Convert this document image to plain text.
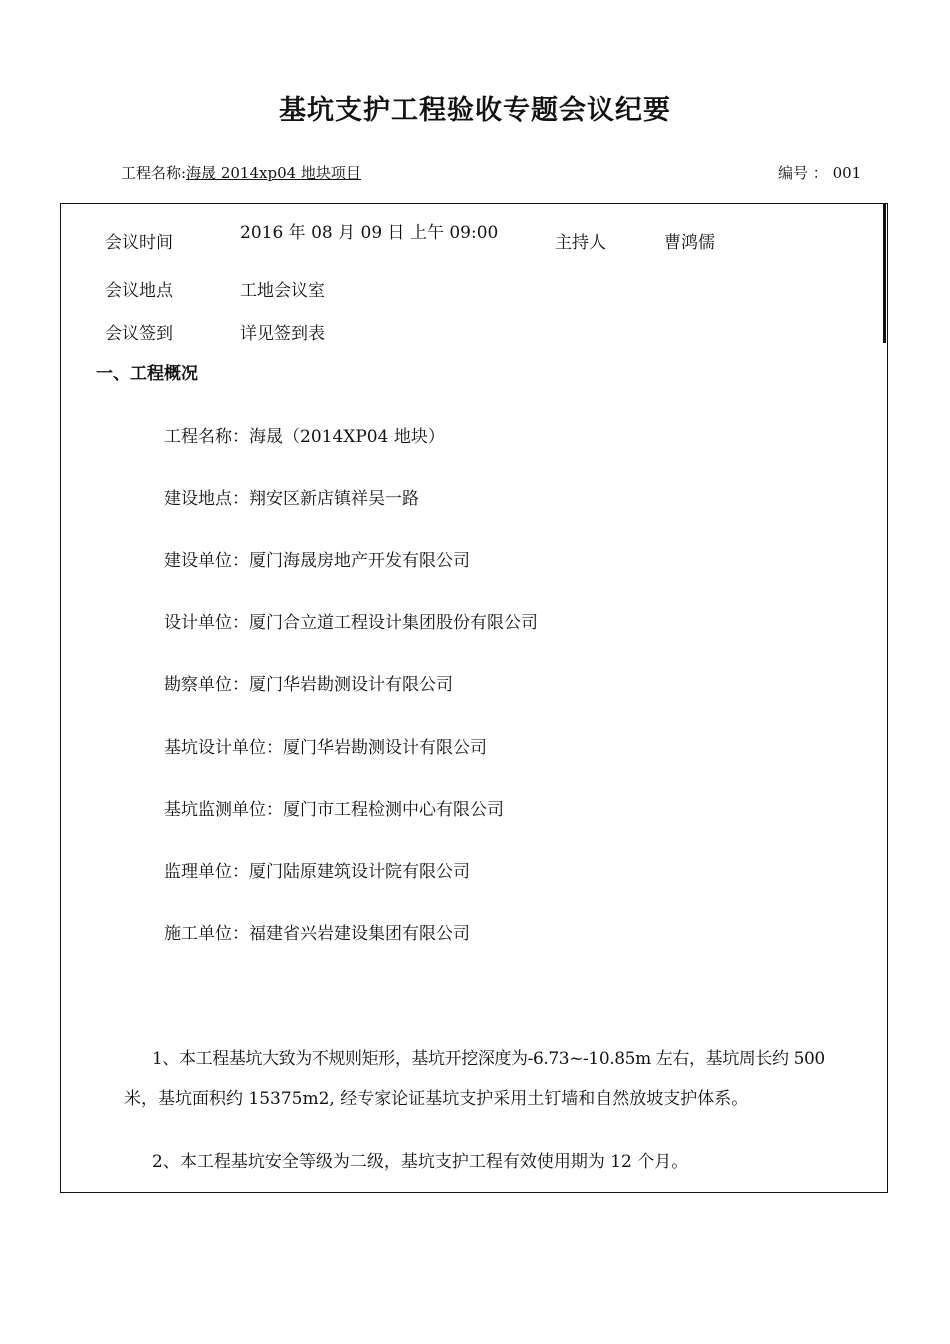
基坑支护工程验收专题会议纪要
工程名称:海晟 2014xp04 地块项目	编号 ： 001
会议时间	2016 年 08 月 09 日 上午 09:00	主持人	曹鸿儒
会议地点	工地会议室
会议签到	详见签到表
一、工程概况
工程名称：海晟（2014XP04 地块）
建设地点：翔安区新店镇祥吴一路
建设单位：厦门海晟房地产开发有限公司
设计单位：厦门合立道工程设计集团股份有限公司
勘察单位：厦门华岩勘测设计有限公司
基坑设计单位：厦门华岩勘测设计有限公司
基坑监测单位：厦门市工程检测中心有限公司
监理单位：厦门陆原建筑设计院有限公司
施工单位：福建省兴岩建设集团有限公司
1、本工程基坑大致为不规则矩形，基坑开挖深度为-6.73~-10.85m 左右，基坑周长约 500
米，基坑面积约 15375m2, 经专家论证基坑支护采用土钉墙和自然放坡支护体系。
2、本工程基坑安全等级为二级，基坑支护工程有效使用期为 12 个月。
